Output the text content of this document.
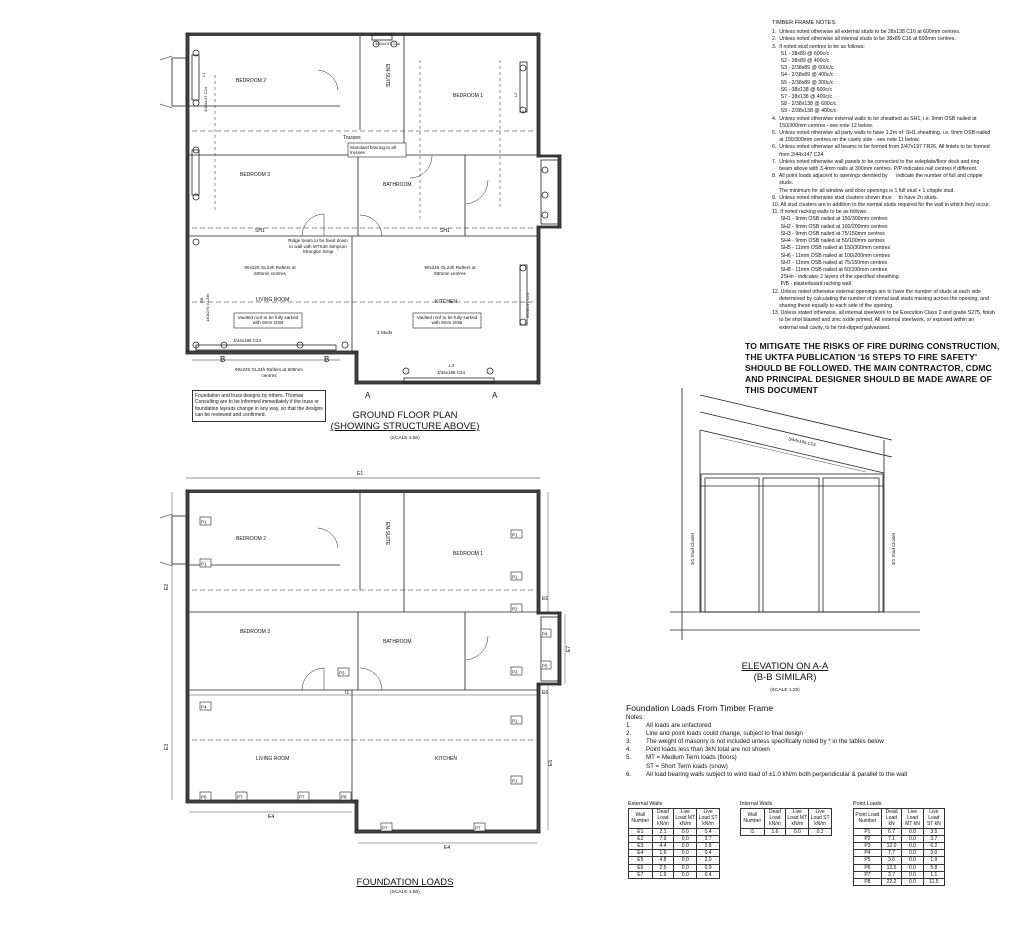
BEDROOM 2	EN-SUITE
BEDROOM 1
BEDROOM 3
BATHROOM
LIVING ROOM	KITCHEN
Trusses
SH1	SH1
3/44x195 C24
L3
3/44x195 C24
3 Studs
3/44x147 C24
L1
3/44x147 C24	L2
3/44x147 C24
RB 140x270 GL24h
B	B
A	A
Standard bracing to all trusses
Ridge beam to be fixed down to wall with MTS30 Simpson Strongtie Strap
90x225 GL24h Rafters at 600mm centres
90x225 GL24h Rafters at 600mm centres
Vaulted roof to be fully sarked with 9mm OSB
Vaulted roof to be fully sarked with 9mm OSB
90x225 GL24h Rafters at 600mm centres
Foundation and truss designs by others. Thomas Consulting are to be informed immediately if the truss or foundation layouts change in any way, so that the designs can be reviewed and confirmed.	GROUND FLOOR PLAN
(SHOWING STRUCTURE ABOVE)
(SCALE 1:50)
BEDROOM 2	EN-SUITE
BEDROOM 1
BEDROOM 3
BATHROOM
LIVING ROOM	KITCHEN
E1
E2
E3
E4
E4
E5
E6
E6
E7
I1
P1
P1
P1
P1
P1
P1
P2
P2
P3
P4
P4
P5
P6	P7	P7
P7	P7
P8
FOUNDATION LOADS
(SCALE 1:50)
TIMBER FRAME NOTES:
1.  Unless noted otherwise all external studs to be 38x138 C16 at 600mm centres.
2.  Unless noted otherwise all internal studs to be 38x89 C16 at 600mm centres.
3.  If noted stud centres to be as follows:
S1 - 38x89 @ 600c/c
S2 - 38x89 @ 400c/c
S3 - 2/38x89 @ 600c/c
S4 - 2/38x89 @ 400c/c
S5 - 2/38x89 @ 300c/c
S6 - 38x138 @ 600c/c
S7 - 38x138 @ 400c/c
S8 - 2/38x138 @ 600c/c
S9 - 2/38x138 @ 400c/c
4.  Unless noted otherwise external walls to be sheathed as SH1, i.e. 9mm OSB nailed at
150/300mm centres - see note 12 below.
5.  Unless noted otherwise all party walls to have 1.2m of  SH1 sheathing, i.e. 9mm OSB nailed
at 150/300mm centres on the cavity side - see note 11 below.
6.  Unless noted otherwise all beams to be formed from 2/47x197 TR26. All lintels to be formed
from 2/44x147 C24
7.  Unless noted otherwise wall panels to be connected to the soleplate/floor deck and ring
beam above with 3.4mm nails at 300mm centres. P/P indicates nail centres if different.
8.  All point loads adjacent to openings denoted by      indicate the number of full and cripple
studs.
The minimum for all window and door openings is 1 full stud + 1 cripple stud.
9.  Unless noted otherwise stud clusters shown thus     to have 2n studs.
10. All stud clusters are in addition to the normal studs required for the wall in which they occur.
11. If noted racking walls to be as follows:
SH1 - 9mm OSB nailed at 150/300mm centres
SH2 - 9mm OSB nailed at 100/200mm centres
SH3 - 9mm OSB nailed at 75/150mm centres
SH4 - 9mm OSB nailed at 50/100mm centres
SH5 - 11mm OSB nailed at 150/300mm centres
SH6 - 11mm OSB nailed at 100/200mm centres
SH7 - 11mm OSB nailed at 75/150mm centres
SH8 - 11mm OSB nailed at 50/100mm centres
2SHn - indicates 2 layers of the specified sheathing.
P/B - plasterboard racking wall
12. Unless noted otherwise external openings are to have the number of studs at each side
determined by calculating the number of normal wall studs missing across the opening, and
sharing these equally to each side of the opening.
13. Unless stated otherwise, all internal steelwork to be Execution Class 2 and grade S275, finish
to be shot blasted and zinc oxide primed. All external steelwork, or exposed within an
external wall cavity, to be hot-dipped galvanised.
TO MITIGATE THE RISKS OF FIRE DURING CONSTRUCTION, THE UKTFA PUBLICATION '16 STEPS TO FIRE SAFETY' SHOULD BE FOLLOWED. THE MAIN CONTRACTOR, CDMC AND PRINCIPAL DESIGNER SHOULD BE MADE AWARE OF THIS DOCUMENT
3/44x195 C24
3/1 Stud Cluster	3/1 Stud Cluster
ELEVATION ON A-A
(B-B SIMILAR)
(SCALE 1:25)
Foundation Loads From Timber Frame
Notes:
1.	All loads are unfactored
2.	Line and point loads could change, subject to final design
3.	The weight of masonry is not included unless specifically noted by * in the tables below
4.	Point loads less than 3kN total are not shown
5.	MT = Medium Term loads (floors)
ST = Short Term loads (snow)
6.	All load bearing walls subject to wind load of ±1.0 kN/m both perpendicular & parallel to the wall
External Walls
Wall Number	Dead Load kN/m	Live Load MT kN/m	Live Load ST kN/m
E1	2.1	0.0	0.4
E2	7.9	0.0	3.7
E3	4.4	0.0	2.8
E4	1.6	0.0	0.4
E5	4.8	0.0	2.0
E6	2.5	0.0	0.9
E7	1.9	0.0	0.4
Internal Walls
Wall Number	Dead Load kN/m	Live Load MT kN/m	Live Load ST kN/m
I1	1.6	0.0	0.2
Point Loads
Point Load Number	Dead Load kN	Live Load MT kN	Live Load ST kN
P1	6.7	0.0	3.5
P2	7.1	0.0	3.7
P3	12.0	0.0	6.2
P4	7.7	0.0	3.0
P5	3.6	0.0	1.9
P6	12.5	0.0	5.8
P7	3.7	0.0	1.1
P8	22.2	0.0	11.5
